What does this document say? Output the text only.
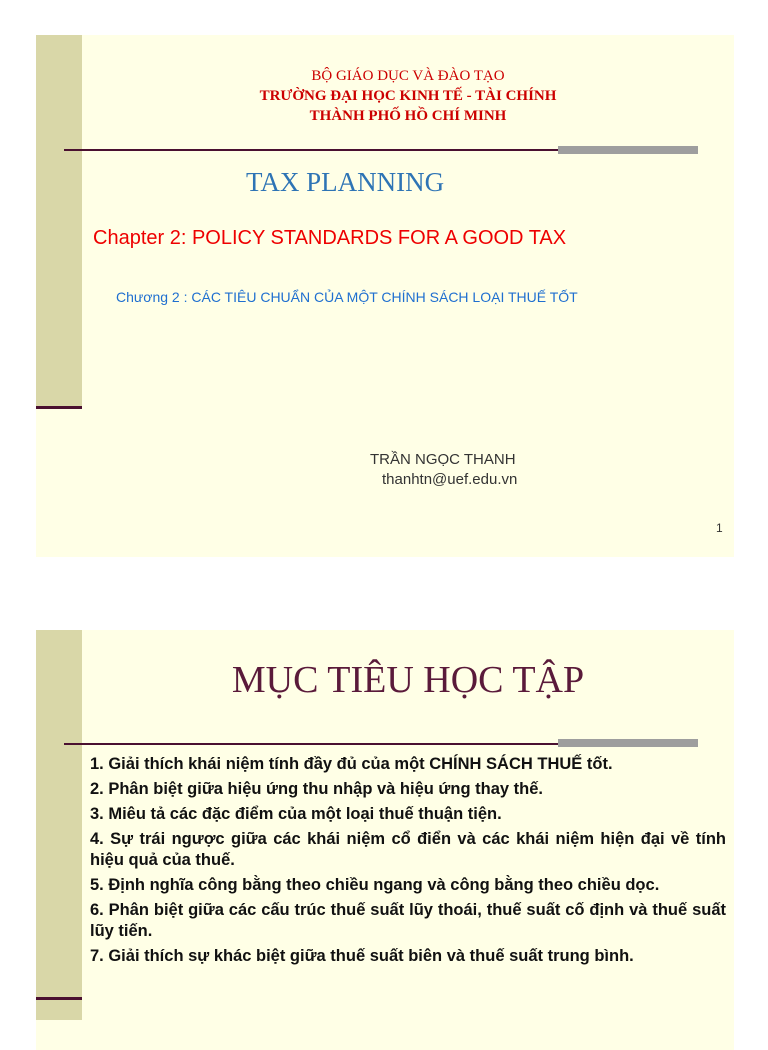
BỘ GIÁO DỤC VÀ ĐÀO TẠO
TRƯỜNG ĐẠI HỌC KINH TẾ - TÀI CHÍNH
THÀNH PHỐ HỒ CHÍ MINH
TAX PLANNING
Chapter 2: POLICY STANDARDS FOR A GOOD TAX
Chương 2 : CÁC TIÊU CHUẨN CỦA MỘT CHÍNH SÁCH LOẠI THUẾ TỐT
TRẦN NGỌC THANH
thanhtn@uef.edu.vn
1
MỤC TIÊU HỌC TẬP
1. Giải thích khái niệm tính đầy đủ của một CHÍNH SÁCH THUẾ tốt.
2. Phân biệt giữa hiệu ứng thu nhập và hiệu ứng thay thế.
3. Miêu tả các đặc điểm của một loại thuế thuận tiện.
4. Sự trái ngược giữa các khái niệm cổ điển và các khái niệm hiện đại về tính hiệu quả của thuế.
5. Định nghĩa công bằng theo chiều ngang và công bằng theo chiều dọc.
6. Phân biệt giữa các cấu trúc thuế suất lũy thoái, thuế suất cố định và thuế suất lũy tiến.
7. Giải thích sự khác biệt giữa thuế suất biên và thuế suất trung bình.
